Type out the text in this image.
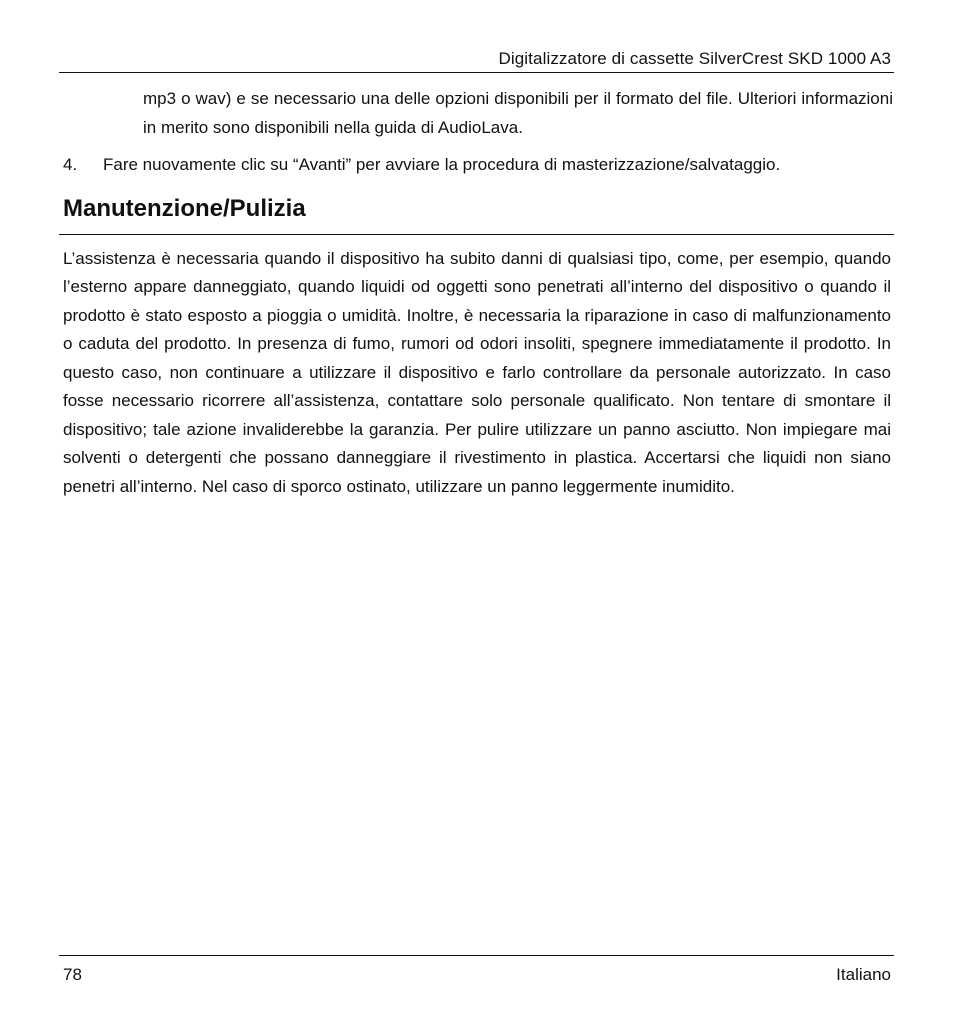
Digitalizzatore di cassette SilverCrest SKD 1000 A3
mp3 o wav) e se necessario una delle opzioni disponibili per il formato del file. Ulteriori informazioni in merito sono disponibili nella guida di AudioLava.
4. Fare nuovamente clic su “Avanti” per avviare la procedura di masterizzazione/salvataggio.
Manutenzione/Pulizia

L’assistenza è necessaria quando il dispositivo ha subito danni di qualsiasi tipo, come, per esempio, quando l’esterno appare danneggiato, quando liquidi od oggetti sono penetrati all’interno del dispositivo o quando il prodotto è stato esposto a pioggia o umidità. Inoltre, è necessaria la riparazione in caso di malfunzionamento o caduta del prodotto. In presenza di fumo, rumori od odori insoliti, spegnere immediatamente il prodotto. In questo caso, non continuare a utilizzare il dispositivo e farlo controllare da personale autorizzato. In caso fosse necessario ricorrere all’assistenza, contattare solo personale qualificato. Non tentare di smontare il dispositivo; tale azione invaliderebbe la garanzia. Per pulire utilizzare un panno asciutto. Non impiegare mai solventi o detergenti che possano danneggiare il rivestimento in plastica. Accertarsi che liquidi non siano penetri all’interno. Nel caso di sporco ostinato, utilizzare un panno leggermente inumidito.

78	Italiano
